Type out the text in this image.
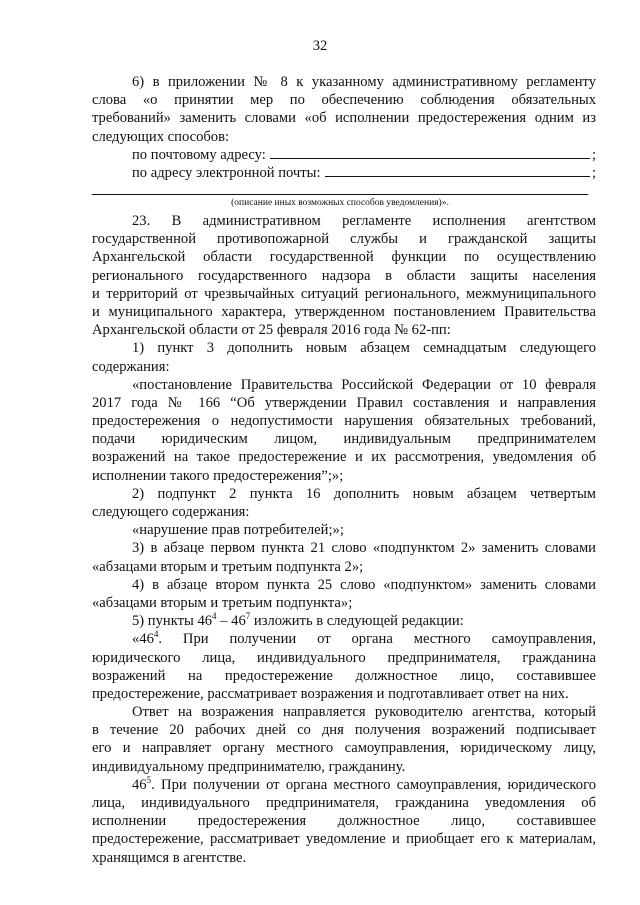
32
6) в приложении № 8 к указанному административному регламенту
слова «о принятии мер по обеспечению соблюдения обязательных
требований» заменить словами «об исполнении предостережения одним из
следующих способов:
по почтовому адресу:	;
по адресу электронной почты:	;
(описание иных возможных способов уведомления)».
23. В административном регламенте исполнения агентством
государственной противопожарной службы и гражданской защиты
Архангельской области государственной функции по осуществлению
регионального государственного надзора в области защиты населения
и территорий от чрезвычайных ситуаций регионального, межмуниципального
и муниципального характера, утвержденном постановлением Правительства
Архангельской области от 25 февраля 2016 года № 62-пп:
1) пункт 3 дополнить новым абзацем семнадцатым следующего
содержания:
«постановление Правительства Российской Федерации от 10 февраля
2017 года № 166 “Об утверждении Правил составления и направления
предостережения о недопустимости нарушения обязательных требований,
подачи юридическим лицом, индивидуальным предпринимателем
возражений на такое предостережение и их рассмотрения, уведомления об
исполнении такого предостережения”;»;
2) подпункт 2 пункта 16 дополнить новым абзацем четвертым
следующего содержания:
«нарушение прав потребителей;»;
3) в абзаце первом пункта 21 слово «подпунктом 2» заменить словами
«абзацами вторым и третьим подпункта 2»;
4) в абзаце втором пункта 25 слово «подпунктом» заменить словами
«абзацами вторым и третьим подпункта»;
5) пункты $46^4 - 46^7$ изложить в следующей редакции:
«$46^4$. При получении от органа местного самоуправления,
юридического лица, индивидуального предпринимателя, гражданина
возражений на предостережение должностное лицо, составившее
предостережение, рассматривает возражения и подготавливает ответ на них.
Ответ на возражения направляется руководителю агентства, который
в течение 20 рабочих дней со дня получения возражений подписывает
его и направляет органу местного самоуправления, юридическому лицу,
индивидуальному предпринимателю, гражданину.
$46^5$. При получении от органа местного самоуправления, юридического
лица, индивидуального предпринимателя, гражданина уведомления об
исполнении предостережения должностное лицо, составившее
предостережение, рассматривает уведомление и приобщает его к материалам,
хранящимся в агентстве.
